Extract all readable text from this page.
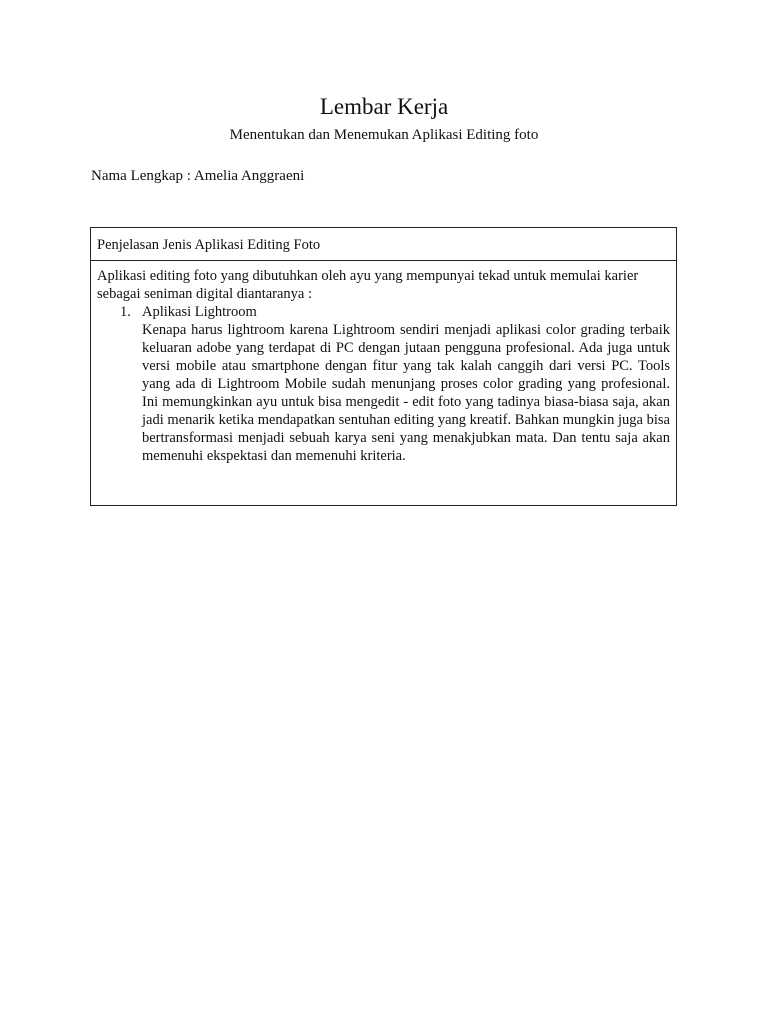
Lembar Kerja
Menentukan dan Menemukan Aplikasi Editing foto
Nama Lengkap : Amelia Anggraeni
Penjelasan Jenis Aplikasi Editing Foto

Aplikasi editing foto yang dibutuhkan oleh ayu yang mempunyai tekad untuk memulai karier sebagai seniman digital diantaranya :

1. Aplikasi Lightroom

Kenapa harus lightroom karena Lightroom sendiri menjadi aplikasi color grading terbaik keluaran adobe yang terdapat di PC dengan jutaan pengguna profesional. Ada juga untuk versi mobile atau smartphone dengan fitur yang tak kalah canggih dari versi PC. Tools yang ada di Lightroom Mobile sudah menunjang proses color grading yang profesional. Ini memungkinkan ayu untuk bisa mengedit - edit foto yang tadinya biasa-biasa saja, akan jadi menarik ketika mendapatkan sentuhan editing yang kreatif. Bahkan mungkin juga bisa bertransformasi menjadi sebuah karya seni yang menakjubkan mata. Dan tentu saja akan memenuhi ekspektasi dan memenuhi kriteria.
